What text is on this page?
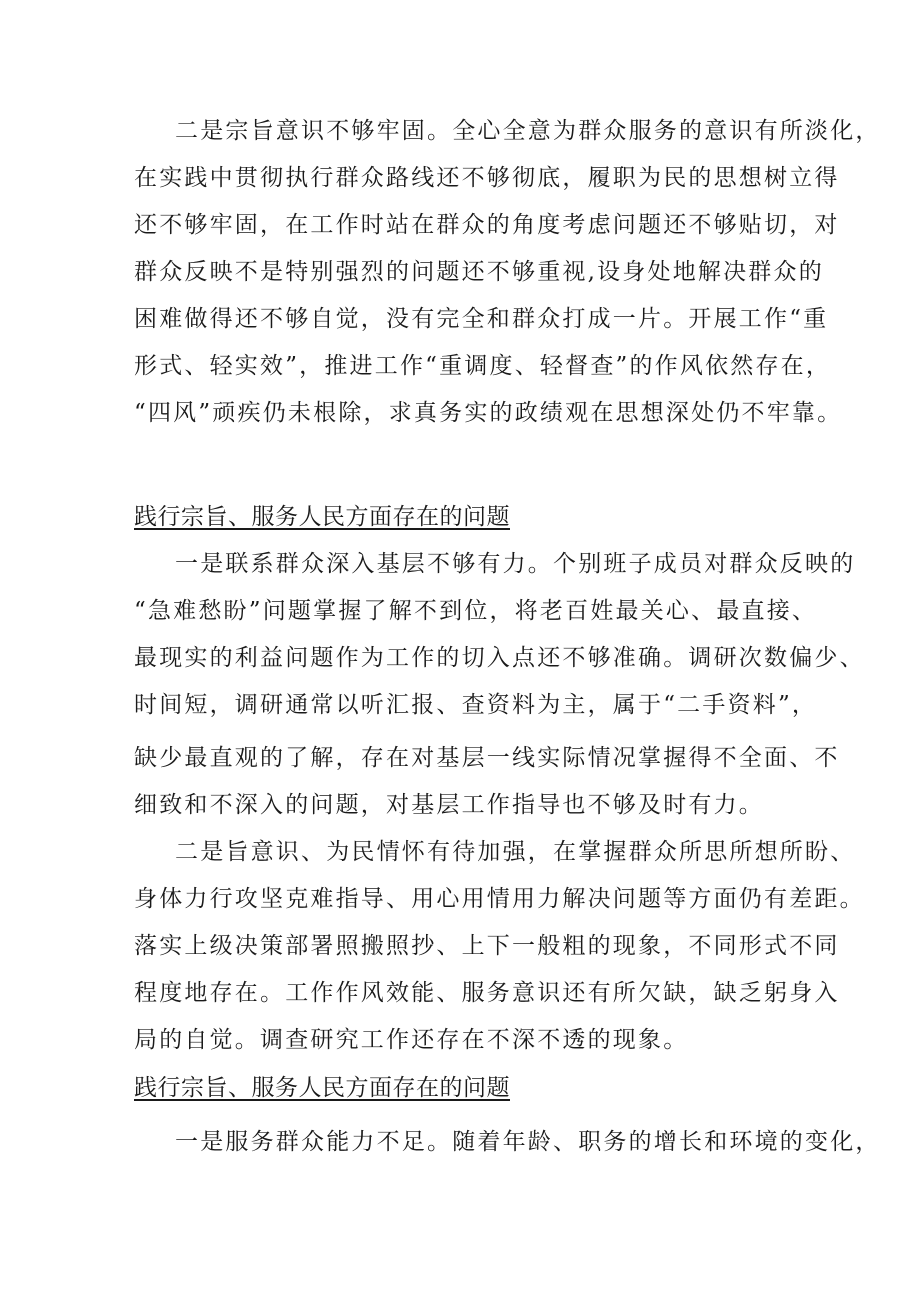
二是宗旨意识不够牢固。全心全意为群众服务的意识有所淡化，
在实践中贯彻执行群众路线还不够彻底，履职为民的思想树立得
还不够牢固，在工作时站在群众的角度考虑问题还不够贴切，对
群众反映不是特别强烈的问题还不够重视,设身处地解决群众的
困难做得还不够自觉，没有完全和群众打成一片。开展工作“重
形式、轻实效”，推进工作“重调度、轻督查”的作风依然存在，
“四风”顽疾仍未根除，求真务实的政绩观在思想深处仍不牢靠。
践行宗旨、服务人民方面存在的问题
一是联系群众深入基层不够有力。个别班子成员对群众反映的
“急难愁盼”问题掌握了解不到位，将老百姓最关心、最直接、
最现实的利益问题作为工作的切入点还不够准确。调研次数偏少、
时间短，调研通常以听汇报、查资料为主，属于“二手资料”，
缺少最直观的了解，存在对基层一线实际情况掌握得不全面、不
细致和不深入的问题，对基层工作指导也不够及时有力。
二是旨意识、为民情怀有待加强，在掌握群众所思所想所盼、
身体力行攻坚克难指导、用心用情用力解决问题等方面仍有差距。
落实上级决策部署照搬照抄、上下一般粗的现象，不同形式不同
程度地存在。工作作风效能、服务意识还有所欠缺，缺乏躬身入
局的自觉。调查研究工作还存在不深不透的现象。
践行宗旨、服务人民方面存在的问题
一是服务群众能力不足。随着年龄、职务的增长和环境的变化，
